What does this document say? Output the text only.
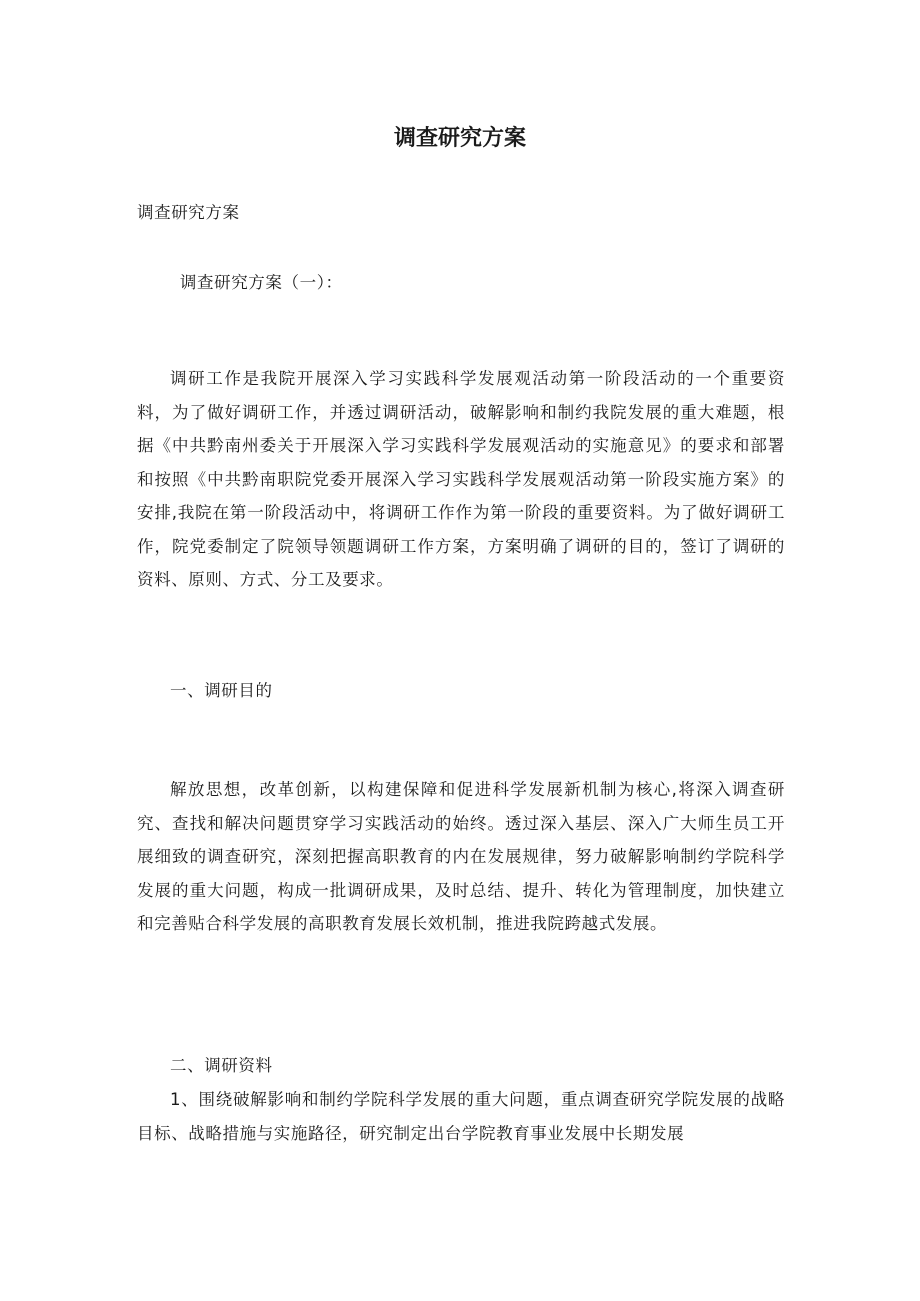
调查研究方案

调查研究方案

调查研究方案（一）：

调研工作是我院开展深入学习实践科学发展观活动第一阶段活动的一个重要资料，为了做好调研工作，并透过调研活动，破解影响和制约我院发展的重大难题，根据《中共黔南州委关于开展深入学习实践科学发展观活动的实施意见》的要求和部署和按照《中共黔南职院党委开展深入学习实践科学发展观活动第一阶段实施方案》的安排,我院在第一阶段活动中，将调研工作作为第一阶段的重要资料。为了做好调研工作，院党委制定了院领导领题调研工作方案，方案明确了调研的目的，签订了调研的资料、原则、方式、分工及要求。

一、调研目的

解放思想，改革创新，以构建保障和促进科学发展新机制为核心,将深入调查研究、查找和解决问题贯穿学习实践活动的始终。透过深入基层、深入广大师生员工开展细致的调查研究，深刻把握高职教育的内在发展规律，努力破解影响制约学院科学发展的重大问题，构成一批调研成果，及时总结、提升、转化为管理制度，加快建立和完善贴合科学发展的高职教育发展长效机制，推进我院跨越式发展。

二、调研资料

1、围绕破解影响和制约学院科学发展的重大问题，重点调查研究学院发展的战略目标、战略措施与实施路径，研究制定出台学院教育事业发展中长期发展
